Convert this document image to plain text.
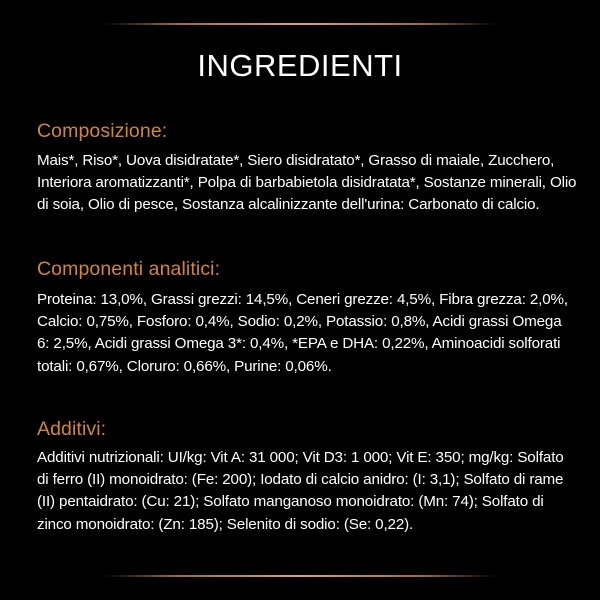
INGREDIENTI
Composizione:

Mais*, Riso*, Uova disidratate*, Siero disidratato*, Grasso di maiale, Zucchero, Interiora aromatizzanti*, Polpa di barbabietola disidratata*, Sostanze minerali, Olio di soia, Olio di pesce, Sostanza alcalinizzante dell'urina: Carbonato di calcio.

Componenti analitici:

Proteina: 13,0%, Grassi grezzi: 14,5%, Ceneri grezze: 4,5%, Fibra grezza: 2,0%, Calcio: 0,75%, Fosforo: 0,4%, Sodio: 0,2%, Potassio: 0,8%, Acidi grassi Omega 6: 2,5%, Acidi grassi Omega 3*: 0,4%, *EPA e DHA: 0,22%, Aminoacidi solforati totali: 0,67%, Cloruro: 0,66%, Purine: 0,06%.

Additivi:

Additivi nutrizionali: UI/kg: Vit A: 31 000; Vit D3: 1 000; Vit E: 350; mg/kg: Solfato di ferro (II) monoidrato: (Fe: 200); Iodato di calcio anidro: (I: 3,1); Solfato di rame (II) pentaidrato: (Cu: 21); Solfato manganoso monoidrato: (Mn: 74); Solfato di zinco monoidrato: (Zn: 185); Selenito di sodio: (Se: 0,22).
